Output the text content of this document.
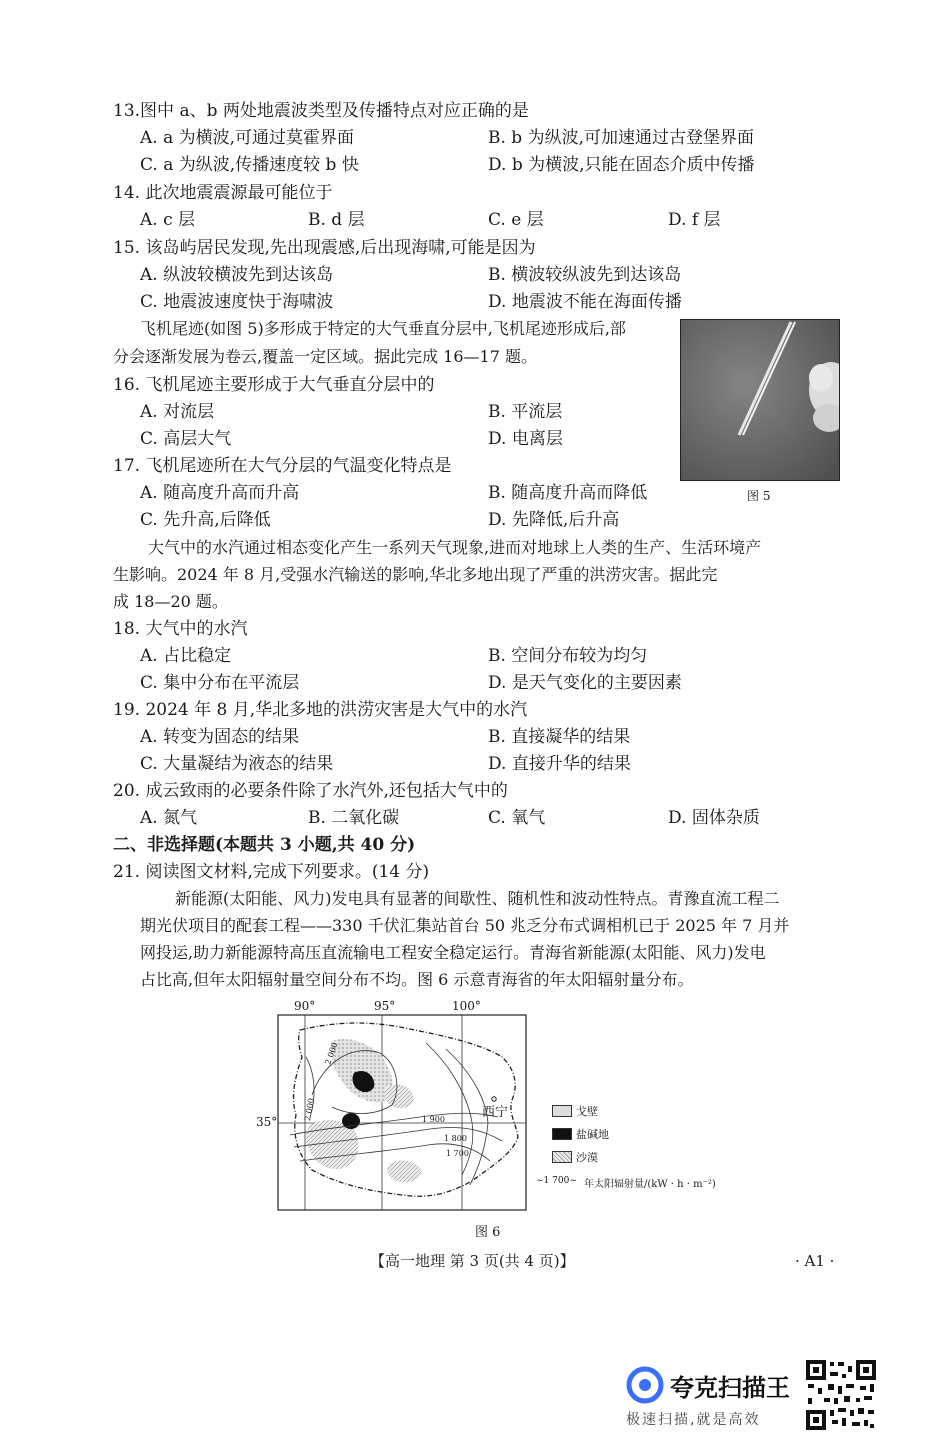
13.图中 a、b 两处地震波类型及传播特点对应正确的是
A. a 为横波,可通过莫霍界面	B. b 为纵波,可加速通过古登堡界面
C. a 为纵波,传播速度较 b 快	D. b 为横波,只能在固态介质中传播
14. 此次地震震源最可能位于
A. c 层	B. d 层	C. e 层	D. f 层
15. 该岛屿居民发现,先出现震感,后出现海啸,可能是因为
A. 纵波较横波先到达该岛	B. 横波较纵波先到达该岛
C. 地震波速度快于海啸波	D. 地震波不能在海面传播
飞机尾迹(如图 5)多形成于特定的大气垂直分层中,飞机尾迹形成后,部
分会逐渐发展为卷云,覆盖一定区域。据此完成 16—17 题。
图 5
16. 飞机尾迹主要形成于大气垂直分层中的
A. 对流层	B. 平流层
C. 高层大气	D. 电离层
17. 飞机尾迹所在大气分层的气温变化特点是
A. 随高度升高而升高	B. 随高度升高而降低
C. 先升高,后降低	D. 先降低,后升高
大气中的水汽通过相态变化产生一系列天气现象,进而对地球上人类的生产、生活环境产
生影响。2024 年 8 月,受强水汽输送的影响,华北多地出现了严重的洪涝灾害。据此完
成 18—20 题。
18. 大气中的水汽
A. 占比稳定	B. 空间分布较为均匀
C. 集中分布在平流层	D. 是天气变化的主要因素
19. 2024 年 8 月,华北多地的洪涝灾害是大气中的水汽
A. 转变为固态的结果	B. 直接凝华的结果
C. 大量凝结为液态的结果	D. 直接升华的结果
20. 成云致雨的必要条件除了水汽外,还包括大气中的
A. 氮气	B. 二氧化碳	C. 氧气	D. 固体杂质
二、非选择题(本题共 3 小题,共 40 分)
21. 阅读图文材料,完成下列要求。(14 分)
新能源(太阳能、风力)发电具有显著的间歇性、随机性和波动性特点。青豫直流工程二
期光伏项目的配套工程——330 千伏汇集站首台 50 兆乏分布式调相机已于 2025 年 7 月并
网投运,助力新能源特高压直流输电工程安全稳定运行。青海省新能源(太阳能、风力)发电
占比高,但年太阳辐射量空间分布不均。图 6 示意青海省的年太阳辐射量分布。
90°	95°	100°
35°
西宁
2 000
2 000	1 900
1 800
1 700
戈壁
盐碱地
沙漠
~1 700~ 年太阳辐射量/(kW · h · m⁻²)
图 6
【高一地理 第 3 页(共 4 页)】	· A1 ·
夸克扫描王
极速扫描,就是高效
